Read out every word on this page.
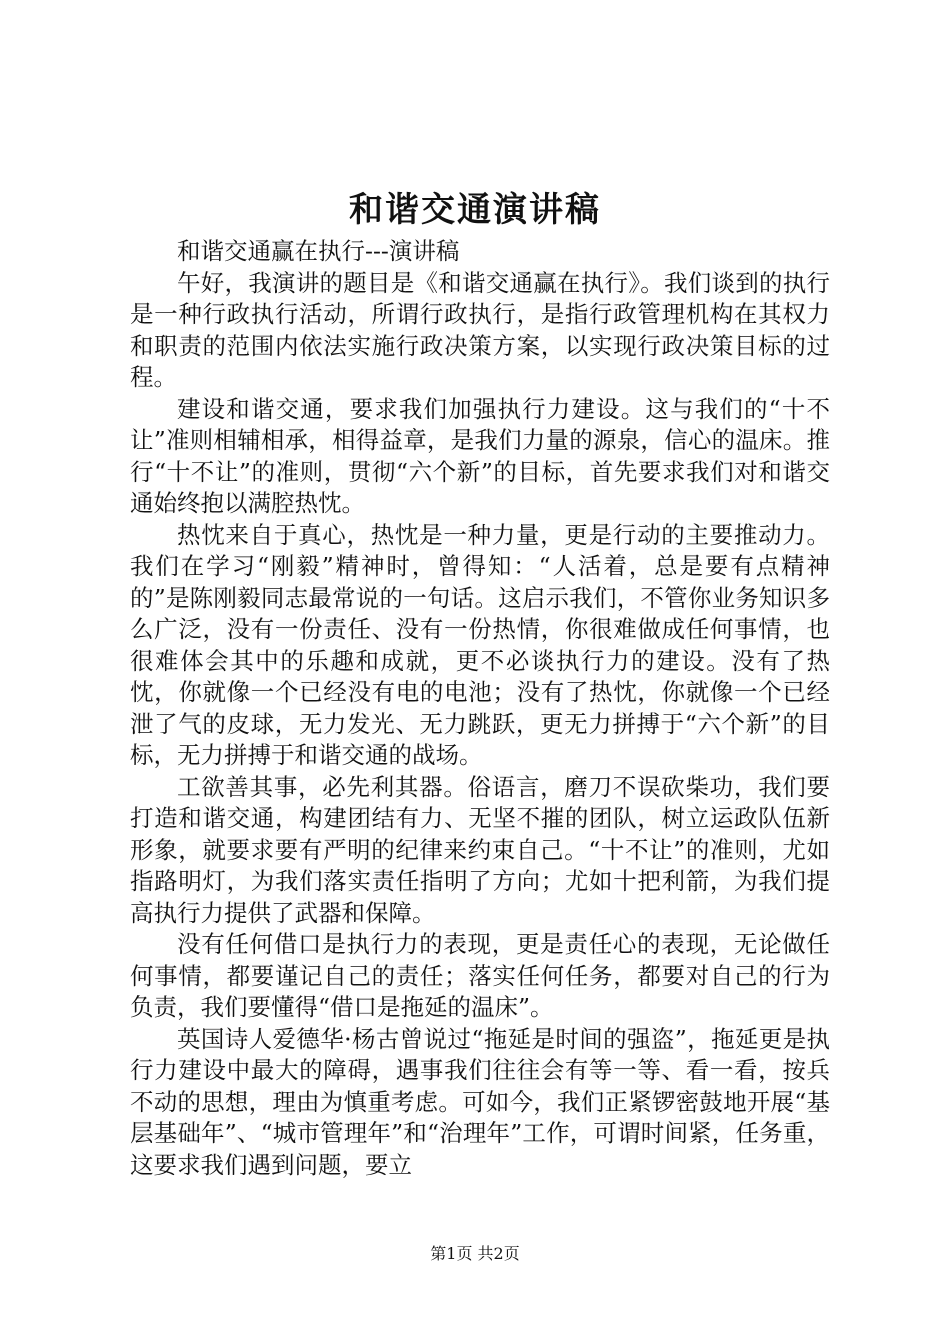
和谐交通演讲稿

和谐交通赢在执行---演讲稿

午好，我演讲的题目是《和谐交通赢在执行》。我们谈到的执行是一种行政执行活动，所谓行政执行，是指行政管理机构在其权力和职责的范围内依法实施行政决策方案，以实现行政决策目标的过程。

建设和谐交通，要求我们加强执行力建设。这与我们的“十不让”准则相辅相承，相得益章，是我们力量的源泉，信心的温床。推行“十不让”的准则，贯彻“六个新”的目标，首先要求我们对和谐交通始终抱以满腔热忱。

热忱来自于真心，热忱是一种力量，更是行动的主要推动力。我们在学习“刚毅”精神时，曾得知：“人活着，总是要有点精神的”是陈刚毅同志最常说的一句话。这启示我们，不管你业务知识多么广泛，没有一份责任、没有一份热情，你很难做成任何事情，也很难体会其中的乐趣和成就，更不必谈执行力的建设。没有了热忱，你就像一个已经没有电的电池；没有了热忱，你就像一个已经泄了气的皮球，无力发光、无力跳跃，更无力拼搏于“六个新”的目标，无力拼搏于和谐交通的战场。

工欲善其事，必先利其器。俗语言，磨刀不误砍柴功，我们要打造和谐交通，构建团结有力、无坚不摧的团队，树立运政队伍新形象，就要求要有严明的纪律来约束自己。“十不让”的准则，尤如指路明灯，为我们落实责任指明了方向；尤如十把利箭，为我们提高执行力提供了武器和保障。

没有任何借口是执行力的表现，更是责任心的表现，无论做任何事情，都要谨记自己的责任；落实任何任务，都要对自己的行为负责，我们要懂得“借口是拖延的温床”。

英国诗人爱德华·杨古曾说过“拖延是时间的强盗”，拖延更是执行力建设中最大的障碍，遇事我们往往会有等一等、看一看，按兵不动的思想，理由为慎重考虑。可如今，我们正紧锣密鼓地开展“基层基础年”、“城市管理年”和“治理年”工作，可谓时间紧，任务重，这要求我们遇到问题，要立

第1页 共2页
